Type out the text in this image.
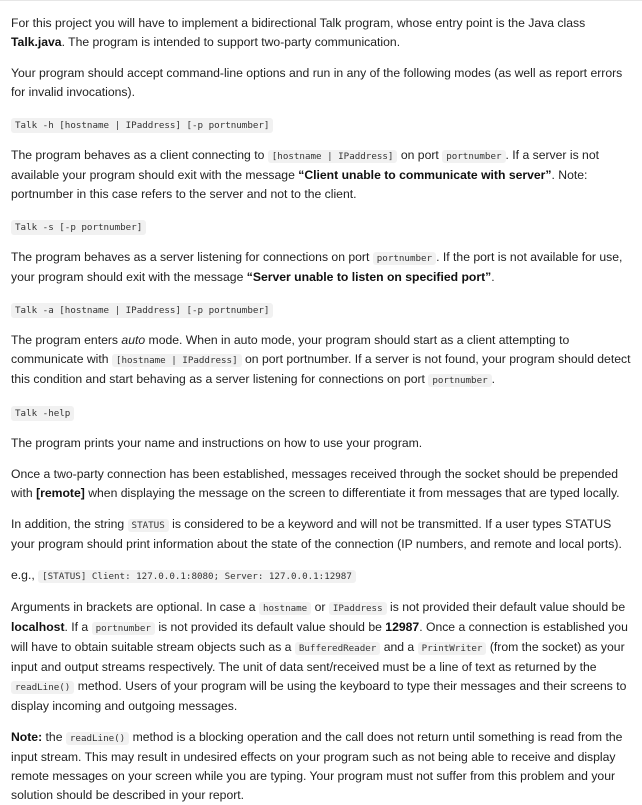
For this project you will have to implement a bidirectional Talk program, whose entry point is the Java class Talk.java. The program is intended to support two-party communication.

Your program should accept command-line options and run in any of the following modes (as well as report errors for invalid invocations).

Talk -h [hostname | IPaddress] [-p portnumber]

The program behaves as a client connecting to [hostname | IPaddress] on port portnumber . If a server is not available your program should exit with the message “Client unable to communicate with server”. Note: portnumber in this case refers to the server and not to the client.

Talk -s [-p portnumber]

The program behaves as a server listening for connections on port portnumber . If the port is not available for use, your program should exit with the message “Server unable to listen on specified port”.

Talk -a [hostname | IPaddress] [-p portnumber]

The program enters auto mode. When in auto mode, your program should start as a client attempting to communicate with [hostname | IPaddress] on port portnumber. If a server is not found, your program should detect this condition and start behaving as a server listening for connections on port portnumber .

Talk -help

The program prints your name and instructions on how to use your program.

Once a two-party connection has been established, messages received through the socket should be prepended with [remote] when displaying the message on the screen to differentiate it from messages that are typed locally.

In addition, the string STATUS is considered to be a keyword and will not be transmitted. If a user types STATUS your program should print information about the state of the connection (IP numbers, and remote and local ports).

e.g., [STATUS] Client: 127.0.0.1:8080; Server: 127.0.0.1:12987

Arguments in brackets are optional. In case a hostname or IPaddress is not provided their default value should be localhost. If a portnumber is not provided its default value should be 12987. Once a connection is established you will have to obtain suitable stream objects such as a BufferedReader and a PrintWriter (from the socket) as your input and output streams respectively. The unit of data sent/received must be a line of text as returned by the readLine() method. Users of your program will be using the keyboard to type their messages and their screens to display incoming and outgoing messages.

Note: the readLine() method is a blocking operation and the call does not return until something is read from the input stream. This may result in undesired effects on your program such as not being able to receive and display remote messages on your screen while you are typing. Your program must not suffer from this problem and your solution should be described in your report.
